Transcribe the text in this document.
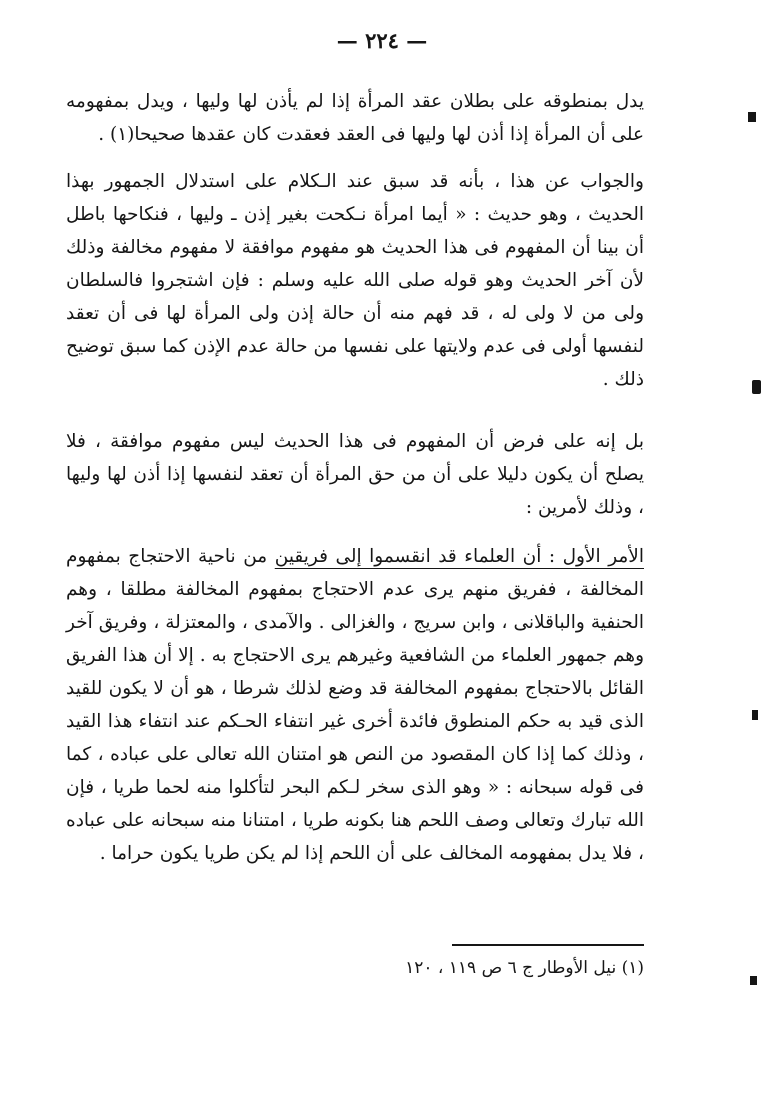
— ٢٢٤ —

يدل بمنطوقه على بطلان عقد المرأة إذا لم يأذن لها وليها ، ويدل بمفهومه على أن المرأة إذا أذن لها وليها فى العقد فعقدت كان عقدها صحيحا(١) .

والجواب عن هذا ، بأنه قد سبق عند الـكلام على استدلال الجمهور بهذا الحديث ، وهو حديث : « أيما امرأة نـكحت بغير إذن ـ وليها ، فنكاحها باطل أن بينا أن المفهوم فى هذا الحديث هو مفهوم موافقة لا مفهوم مخالفة وذلك لأن آخر الحديث وهو قوله صلى الله عليه وسلم : فإن اشتجروا فالسلطان ولى من لا ولى له ، قد فهم منه أن حالة إذن ولى المرأة لها فى أن تعقد لنفسها أولى فى عدم ولايتها على نفسها من حالة عدم الإذن كما سبق توضيح ذلك .

بل إنه على فرض أن المفهوم فى هذا الحديث ليس مفهوم موافقة ، فلا يصلح أن يكون دليلا على أن من حق المرأة أن تعقد لنفسها إذا أذن لها وليها ، وذلك لأمرين :

الأمر الأول : أن العلماء قد انقسموا إلى فريقين من ناحية الاحتجاج بمفهوم المخالفة ، ففريق منهم يرى عدم الاحتجاج بمفهوم المخالفة مطلقا ، وهم الحنفية والباقلانى ، وابن سريج ، والغزالى . والآمدى ، والمعتزلة ، وفريق آخر وهم جمهور العلماء من الشافعية وغيرهم يرى الاحتجاج به . إلا أن هذا الفريق القائل بالاحتجاج بمفهوم المخالفة قد وضع لذلك شرطا ، هو أن لا يكون للقيد الذى قيد به حكم المنطوق فائدة أخرى غير انتفاء الحـكم عند انتفاء هذا القيد ، وذلك كما إذا كان المقصود من النص هو امتنان الله تعالى على عباده ، كما فى قوله سبحانه : « وهو الذى سخر لـكم البحر لتأكلوا منه لحما طريا ، فإن الله تبارك وتعالى وصف اللحم هنا بكونه طريا ، امتنانا منه سبحانه على عباده ، فلا يدل بمفهومه المخالف على أن اللحم إذا لم يكن طريا يكون حراما .

(١) نيل الأوطار ج ٦ ص ١١٩ ، ١٢٠
